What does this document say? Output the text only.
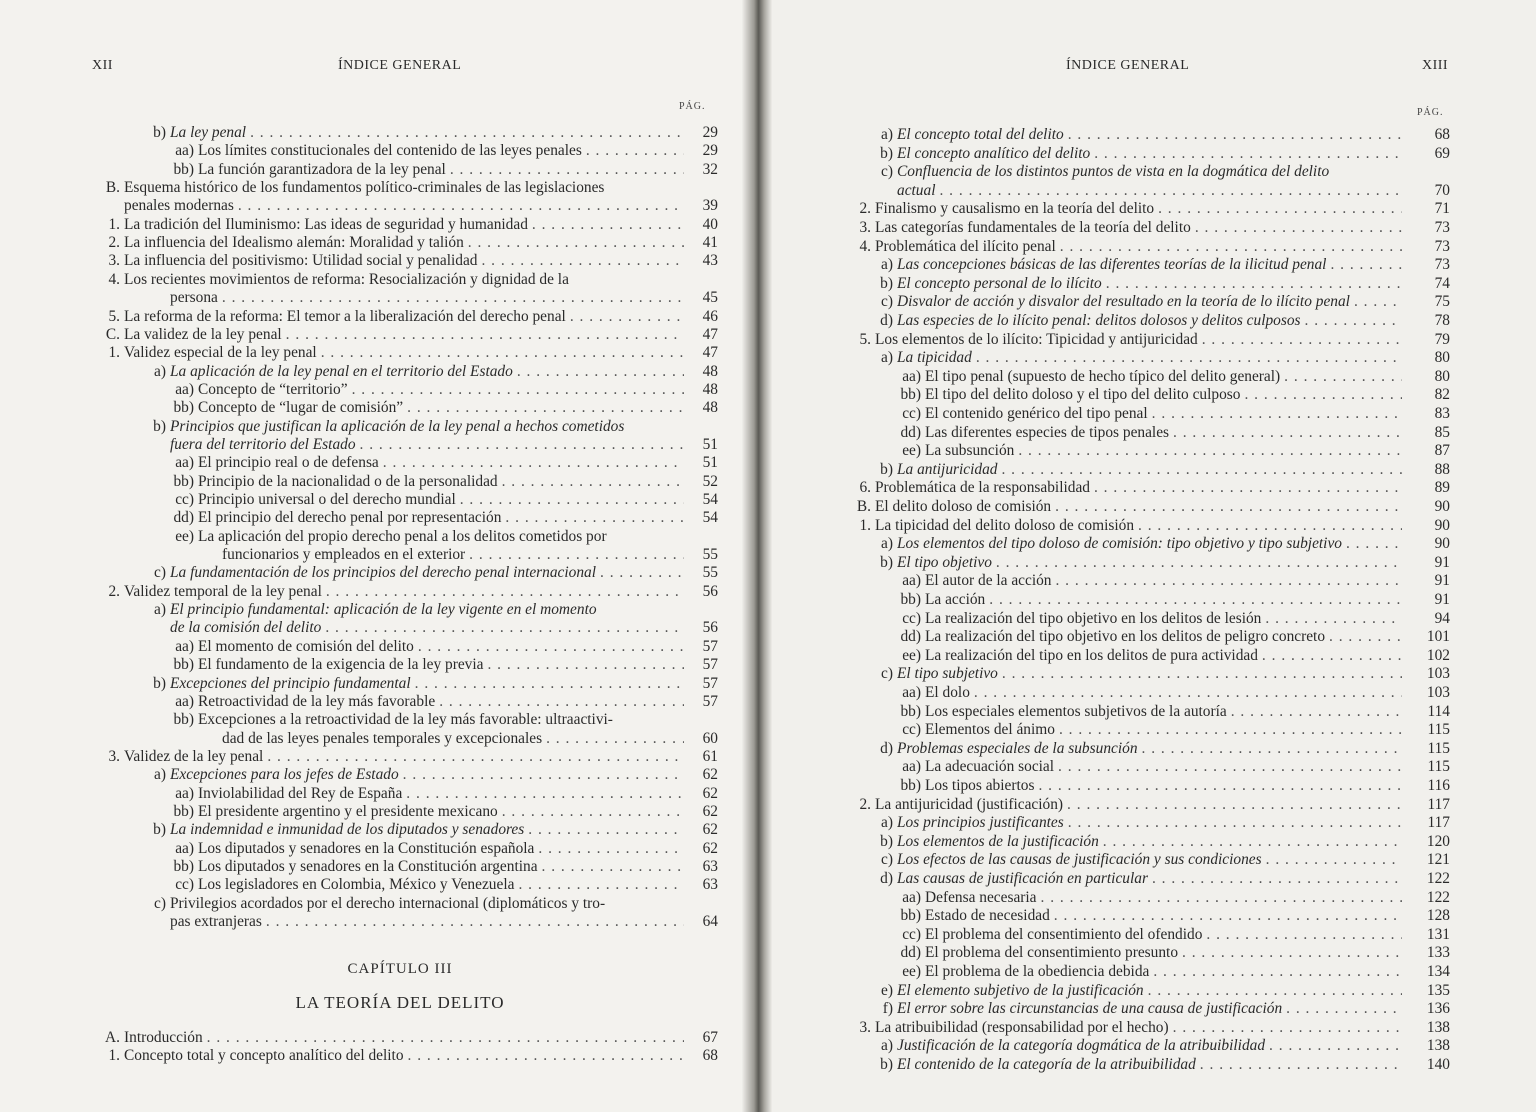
XII	ÍNDICE GENERAL
PÁG.
b) La ley penal . . .	29
aa) Los límites constitucionales del contenido de las leyes penales . . .	29
bb) La función garantizadora de la ley penal . . .	32
B. Esquema histórico de los fundamentos político-criminales de las legislaciones
penales modernas . . .	39
1. La tradición del Iluminismo: Las ideas de seguridad y humanidad . . .	40
2. La influencia del Idealismo alemán: Moralidad y talión . . .	41
3. La influencia del positivismo: Utilidad social y penalidad . . .	43
4. Los recientes movimientos de reforma: Resocialización y dignidad de la
persona . . .	45
5. La reforma de la reforma: El temor a la liberalización del derecho penal . . .	46
C. La validez de la ley penal . . .	47
1. Validez especial de la ley penal . . .	47
a) La aplicación de la ley penal en el territorio del Estado . . .	48
aa) Concepto de “territorio” . . .	48
bb) Concepto de “lugar de comisión” . . .	48
b) Principios que justifican la aplicación de la ley penal a hechos cometidos
fuera del territorio del Estado . . .	51
aa) El principio real o de defensa . . .	51
bb) Principio de la nacionalidad o de la personalidad . . .	52
cc) Principio universal o del derecho mundial . . .	54
dd) El principio del derecho penal por representación . . .	54
ee) La aplicación del propio derecho penal a los delitos cometidos por
funcionarios y empleados en el exterior . . .	55
c) La fundamentación de los principios del derecho penal internacional . . .	55
2. Validez temporal de la ley penal . . .	56
a) El principio fundamental: aplicación de la ley vigente en el momento
de la comisión del delito . . .	56
aa) El momento de comisión del delito . . .	57
bb) El fundamento de la exigencia de la ley previa . . .	57
b) Excepciones del principio fundamental . . .	57
aa) Retroactividad de la ley más favorable . . .	57
bb) Excepciones a la retroactividad de la ley más favorable: ultraactivi-
dad de las leyes penales temporales y excepcionales . . .	60
3. Validez de la ley penal . . .	61
a) Excepciones para los jefes de Estado . . .	62
aa) Inviolabilidad del Rey de España . . .	62
bb) El presidente argentino y el presidente mexicano . . .	62
b) La indemnidad e inmunidad de los diputados y senadores . . .	62
aa) Los diputados y senadores en la Constitución española . . .	62
bb) Los diputados y senadores en la Constitución argentina . . .	63
cc) Los legisladores en Colombia, México y Venezuela . . .	63
c) Privilegios acordados por el derecho internacional (diplomáticos y tro-
pas extranjeras . . .	64
CAPÍTULO III
LA TEORÍA DEL DELITO
A. Introducción . . .	67
1. Concepto total y concepto analítico del delito . . .	68
ÍNDICE GENERAL	XIII
PÁG.
a) El concepto total del delito . . .	68
b) El concepto analítico del delito . . .	69
c) Confluencia de los distintos puntos de vista en la dogmática del delito
actual . . .	70
2. Finalismo y causalismo en la teoría del delito . . .	71
3. Las categorías fundamentales de la teoría del delito . . .	73
4. Problemática del ilícito penal . . .	73
a) Las concepciones básicas de las diferentes teorías de la ilicitud penal . . .	73
b) El concepto personal de lo ilícito . . .	74
c) Disvalor de acción y disvalor del resultado en la teoría de lo ilícito penal . . .	75
d) Las especies de lo ilícito penal: delitos dolosos y delitos culposos . . .	78
5. Los elementos de lo ilícito: Tipicidad y antijuricidad . . .	79
a) La tipicidad . . .	80
aa) El tipo penal (supuesto de hecho típico del delito general) . . .	80
bb) El tipo del delito doloso y el tipo del delito culposo . . .	82
cc) El contenido genérico del tipo penal . . .	83
dd) Las diferentes especies de tipos penales . . .	85
ee) La subsunción . . .	87
b) La antijuricidad . . .	88
6. Problemática de la responsabilidad . . .	89
B. El delito doloso de comisión . . .	90
1. La tipicidad del delito doloso de comisión . . .	90
a) Los elementos del tipo doloso de comisión: tipo objetivo y tipo subjetivo . . .	90
b) El tipo objetivo . . .	91
aa) El autor de la acción . . .	91
bb) La acción . . .	91
cc) La realización del tipo objetivo en los delitos de lesión . . .	94
dd) La realización del tipo objetivo en los delitos de peligro concreto . . .	101
ee) La realización del tipo en los delitos de pura actividad . . .	102
c) El tipo subjetivo . . .	103
aa) El dolo . . .	103
bb) Los especiales elementos subjetivos de la autoría . . .	114
cc) Elementos del ánimo . . .	115
d) Problemas especiales de la subsunción . . .	115
aa) La adecuación social . . .	115
bb) Los tipos abiertos . . .	116
2. La antijuricidad (justificación) . . .	117
a) Los principios justificantes . . .	117
b) Los elementos de la justificación . . .	120
c) Los efectos de las causas de justificación y sus condiciones . . .	121
d) Las causas de justificación en particular . . .	122
aa) Defensa necesaria . . .	122
bb) Estado de necesidad . . .	128
cc) El problema del consentimiento del ofendido . . .	131
dd) El problema del consentimiento presunto . . .	133
ee) El problema de la obediencia debida . . .	134
e) El elemento subjetivo de la justificación . . .	135
f) El error sobre las circunstancias de una causa de justificación . . .	136
3. La atribuibilidad (responsabilidad por el hecho) . . .	138
a) Justificación de la categoría dogmática de la atribuibilidad . . .	138
b) El contenido de la categoría de la atribuibilidad . . .	140
